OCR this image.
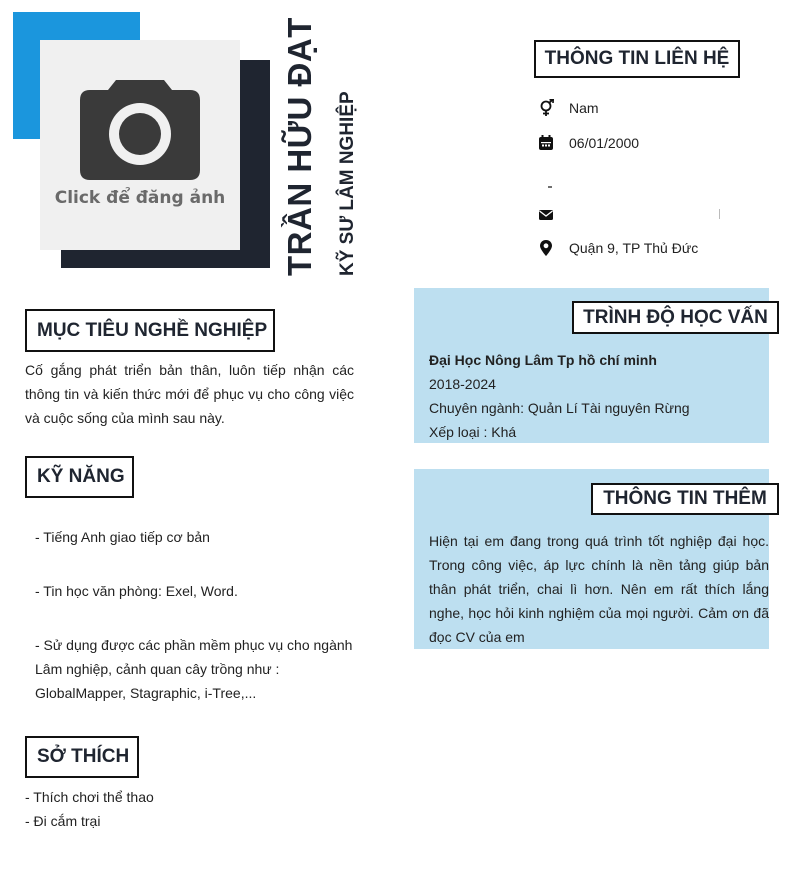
Click để đăng ảnh	TRẦN HỮU ĐẠT KỸ SƯ LÂM NGHIỆP
THÔNG TIN LIÊN HỆ
Nam
06/01/2000
Quận 9, TP Thủ Đức
MỤC TIÊU NGHỀ NGHIỆP
Cố gắng phát triển bản thân, luôn tiếp nhận các thông tin và kiến thức mới để phục vụ cho công việc và cuộc sống của mình sau này.
KỸ NĂNG
- Tiếng Anh giao tiếp cơ bản
- Tin học văn phòng: Exel, Word.
- Sử dụng được các phần mềm phục vụ cho ngành Lâm nghiệp, cảnh quan cây trồng như : GlobalMapper, Stagraphic, i-Tree,...
SỞ THÍCH
- Thích chơi thể thao
- Đi cắm trại
TRÌNH ĐỘ HỌC VẤN
Đại Học Nông Lâm Tp hồ chí minh
2018-2024
Chuyên ngành: Quản Lí Tài nguyên Rừng
Xếp loại : Khá
THÔNG TIN THÊM
Hiện tại em đang trong quá trình tốt nghiệp đại học. Trong công việc, áp lực chính là nền tảng giúp bản thân phát triển, chai lì hơn. Nên em rất thích lắng nghe, học hỏi kinh nghiệm của mọi người. Cảm ơn đã đọc CV của em
